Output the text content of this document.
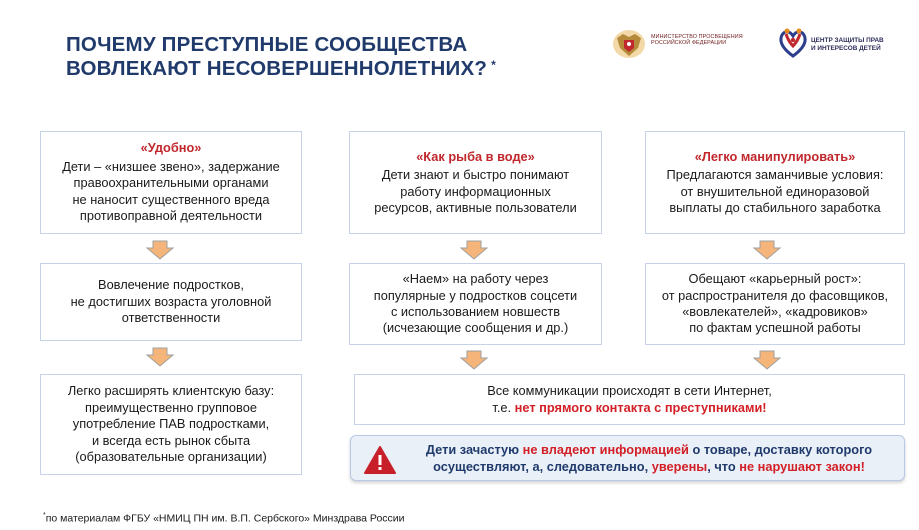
ПОЧЕМУ ПРЕСТУПНЫЕ СООБЩЕСТВА
ВОВЛЕКАЮТ НЕСОВЕРШЕННОЛЕТНИХ? *
МИНИСТЕРСТВО ПРОСВЕЩЕНИЯ
РОССИЙСКОЙ ФЕДЕРАЦИИ	ЦЕНТР ЗАЩИТЫ ПРАВ
И ИНТЕРЕСОВ ДЕТЕЙ
«Удобно»
Дети – «низшее звено», задержание
правоохранительными органами
не наносит существенного вреда
противоправной деятельности
«Как рыба в воде»
Дети знают и быстро понимают
работу информационных
ресурсов, активные пользователи
«Легко манипулировать»
Предлагаются заманчивые условия:
от внушительной единоразовой
выплаты до стабильного заработка
Вовлечение подростков,
не достигших возраста уголовной
ответственности
«Наем» на работу через
популярные у подростков соцсети
с использованием новшеств
(исчезающие сообщения и др.)
Обещают «карьерный рост»:
от распространителя до фасовщиков,
«вовлекателей», «кадровиков»
по фактам успешной работы
Легко расширять клиентскую базу:
преимущественно групповое
употребление ПАВ подростками,
и всегда есть рынок сбыта
(образовательные организации)
Все коммуникации происходят в сети Интернет,
т.е. нет прямого контакта с преступниками!
Дети зачастую не владеют информацией о товаре, доставку которого
осуществляют, а, следовательно, уверены, что не нарушают закон!
*по материалам ФГБУ «НМИЦ ПН им. В.П. Сербского» Минздрава России
